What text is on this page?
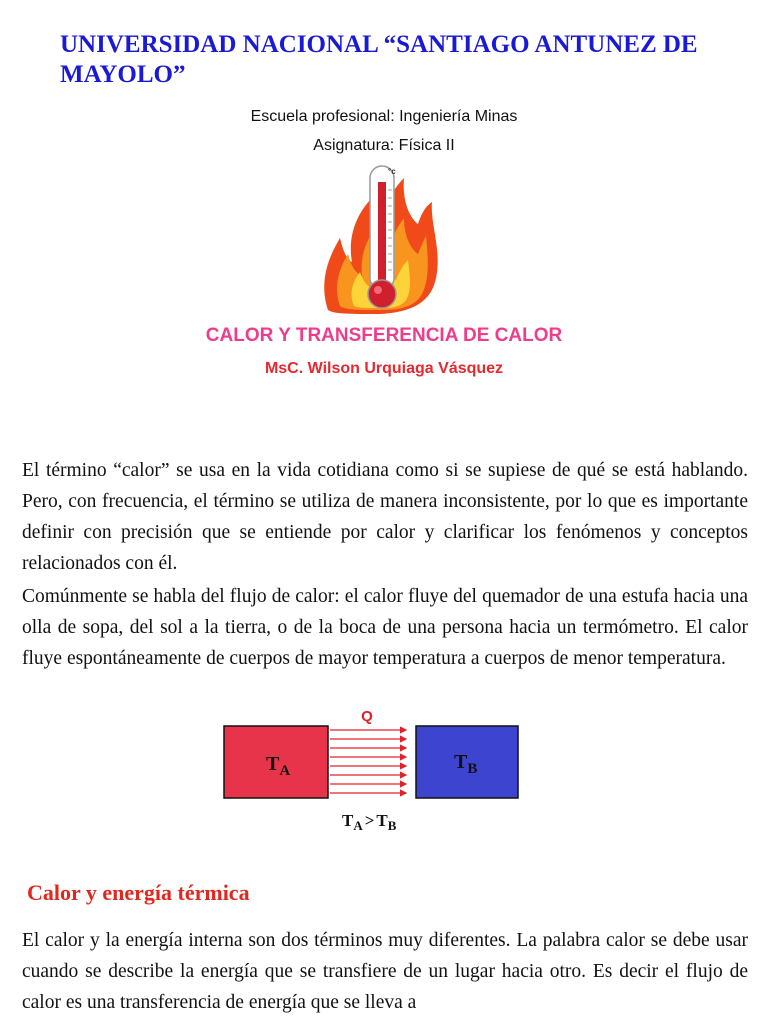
UNIVERSIDAD NACIONAL “SANTIAGO ANTUNEZ DE MAYOLO”
Escuela profesional: Ingeniería Minas
Asignatura: Física II
°c
CALOR Y TRANSFERENCIA DE CALOR
MsC. Wilson Urquiaga Vásquez

El término “calor” se usa en la vida cotidiana como si se supiese de qué se está hablando. Pero, con frecuencia, el término se utiliza de manera inconsistente, por lo que es importante definir con precisión que se entiende por calor y clarificar los fenómenos y conceptos relacionados con él.

Comúnmente se habla del flujo de calor: el calor fluye del quemador de una estufa hacia una olla de sopa, del sol a la tierra, o de la boca de una persona hacia un termómetro. El calor fluye espontáneamente de cuerpos de mayor temperatura a cuerpos de menor temperatura.

Q
$T_A$	$T_B$
$T_A > T_B$
Calor y energía térmica

El calor y la energía interna son dos términos muy diferentes. La palabra calor se debe usar cuando se describe la energía que se transfiere de un lugar hacia otro. Es decir el flujo de calor es una transferencia de energía que se lleva a
